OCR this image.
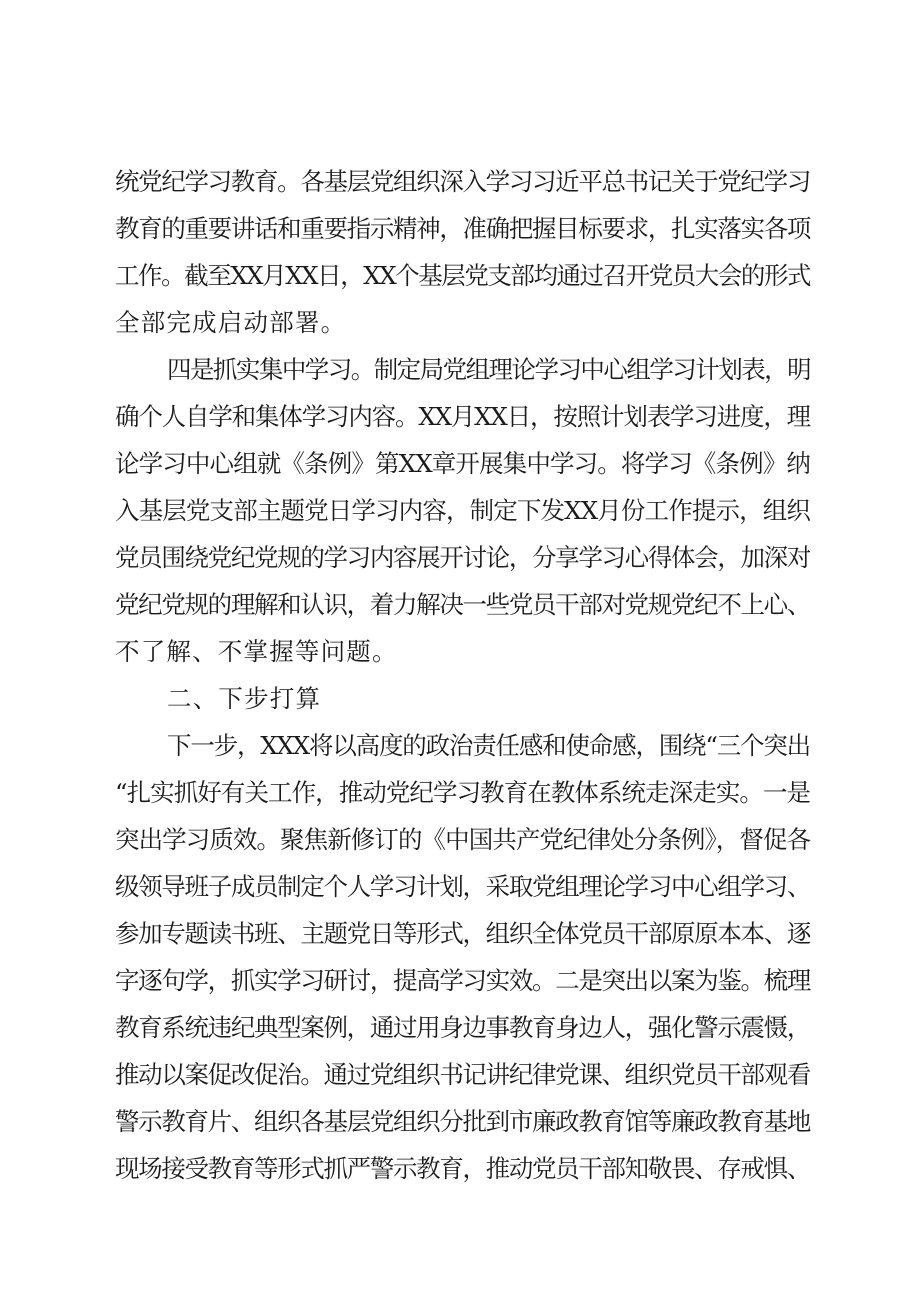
统党纪学习教育。各基层党组织深入学习习近平总书记关于党纪学习
教育的重要讲话和重要指示精神，准确把握目标要求，扎实落实各项
工作。截至XX月XX日，XX个基层党支部均通过召开党员大会的形式
全部完成启动部署。

四是抓实集中学习。制定局党组理论学习中心组学习计划表，明
确个人自学和集体学习内容。XX月XX日，按照计划表学习进度，理
论学习中心组就《条例》第XX章开展集中学习。将学习《条例》纳
入基层党支部主题党日学习内容，制定下发XX月份工作提示，组织
党员围绕党纪党规的学习内容展开讨论，分享学习心得体会，加深对
党纪党规的理解和认识，着力解决一些党员干部对党规党纪不上心、
不了解、不掌握等问题。

二、下步打算

下一步，XXX将以高度的政治责任感和使命感，围绕“三个突出
“扎实抓好有关工作，推动党纪学习教育在教体系统走深走实。一是
突出学习质效。聚焦新修订的《中国共产党纪律处分条例》，督促各
级领导班子成员制定个人学习计划，采取党组理论学习中心组学习、
参加专题读书班、主题党日等形式，组织全体党员干部原原本本、逐
字逐句学，抓实学习研讨，提高学习实效。二是突出以案为鉴。梳理
教育系统违纪典型案例，通过用身边事教育身边人，强化警示震慑，
推动以案促改促治。通过党组织书记讲纪律党课、组织党员干部观看
警示教育片、组织各基层党组织分批到市廉政教育馆等廉政教育基地
现场接受教育等形式抓严警示教育，推动党员干部知敬畏、存戒惧、
